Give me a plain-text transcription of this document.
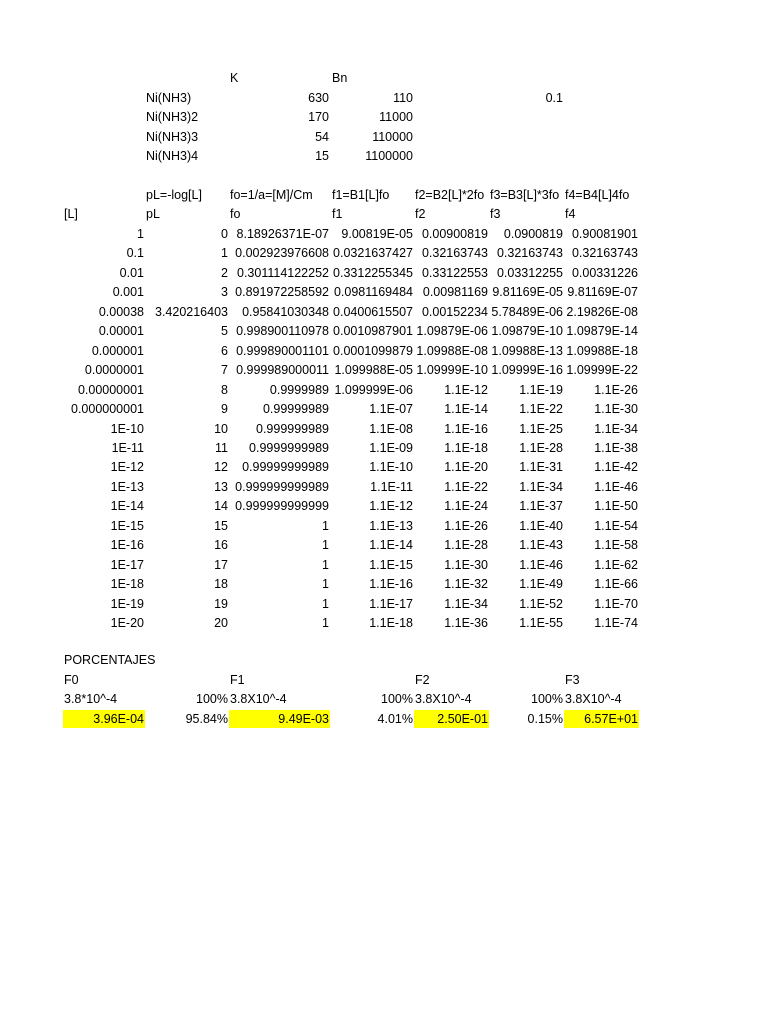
K	Bn
Ni(NH3)	630	110	0.1
Ni(NH3)2	170	11000
Ni(NH3)3	54	110000
Ni(NH3)4	15	1100000
pL=-log[L] fo=1/a=[M]/Cm f1=B1[L]fo f2=B2[L]*2fo f3=B3[L]*3fo f4=B4[L]4fo
[L]	pL	fo	f1	f2	f3	f4
1	0 8.18926371E-07 9.00819E-05 0.00900819	0.0900819 0.90081901
0.1	1 0.002923976608 0.0321637427 0.32163743 0.32163743 0.32163743
0.01	2 0.301114122252 0.3312255345 0.33122553 0.03312255 0.00331226
0.001	3 0.891972258592 0.0981169484 0.00981169 9.81169E-05 9.81169E-07
0.00038 3.420216403	0.95841030348 0.0400615507 0.00152234 5.78489E-06 2.19826E-08
0.00001	5 0.998900110978 0.0010987901 1.09879E-06 1.09879E-10 1.09879E-14
0.000001	6 0.999890001101 0.0001099879 1.09988E-08 1.09988E-13 1.09988E-18
0.0000001	7 0.999989000011 1.099988E-05 1.09999E-10 1.09999E-16 1.09999E-22
0.00000001	8	0.9999989 1.099999E-06	1.1E-12	1.1E-19	1.1E-26
0.000000001	9	0.99999989	1.1E-07	1.1E-14	1.1E-22	1.1E-30
1E-10	10	0.999999989	1.1E-08	1.1E-16	1.1E-25	1.1E-34
1E-11	11	0.9999999989	1.1E-09	1.1E-18	1.1E-28	1.1E-38
1E-12	12	0.99999999989	1.1E-10	1.1E-20	1.1E-31	1.1E-42
1E-13	13 0.999999999989	1.1E-11	1.1E-22	1.1E-34	1.1E-46
1E-14	14 0.999999999999	1.1E-12	1.1E-24	1.1E-37	1.1E-50
1E-15	15	1	1.1E-13	1.1E-26	1.1E-40	1.1E-54
1E-16	16	1	1.1E-14	1.1E-28	1.1E-43	1.1E-58
1E-17	17	1	1.1E-15	1.1E-30	1.1E-46	1.1E-62
1E-18	18	1	1.1E-16	1.1E-32	1.1E-49	1.1E-66
1E-19	19	1	1.1E-17	1.1E-34	1.1E-52	1.1E-70
1E-20	20	1	1.1E-18	1.1E-36	1.1E-55	1.1E-74
PORCENTAJES
F0	F1	F2	F3
3.8*10^-4	100% 3.8X10^-4	100% 3.8X10^-4	100% 3.8X10^-4
3.96E-04	95.84%	9.49E-03	4.01%	2.50E-01	0.15%	6.57E+01
